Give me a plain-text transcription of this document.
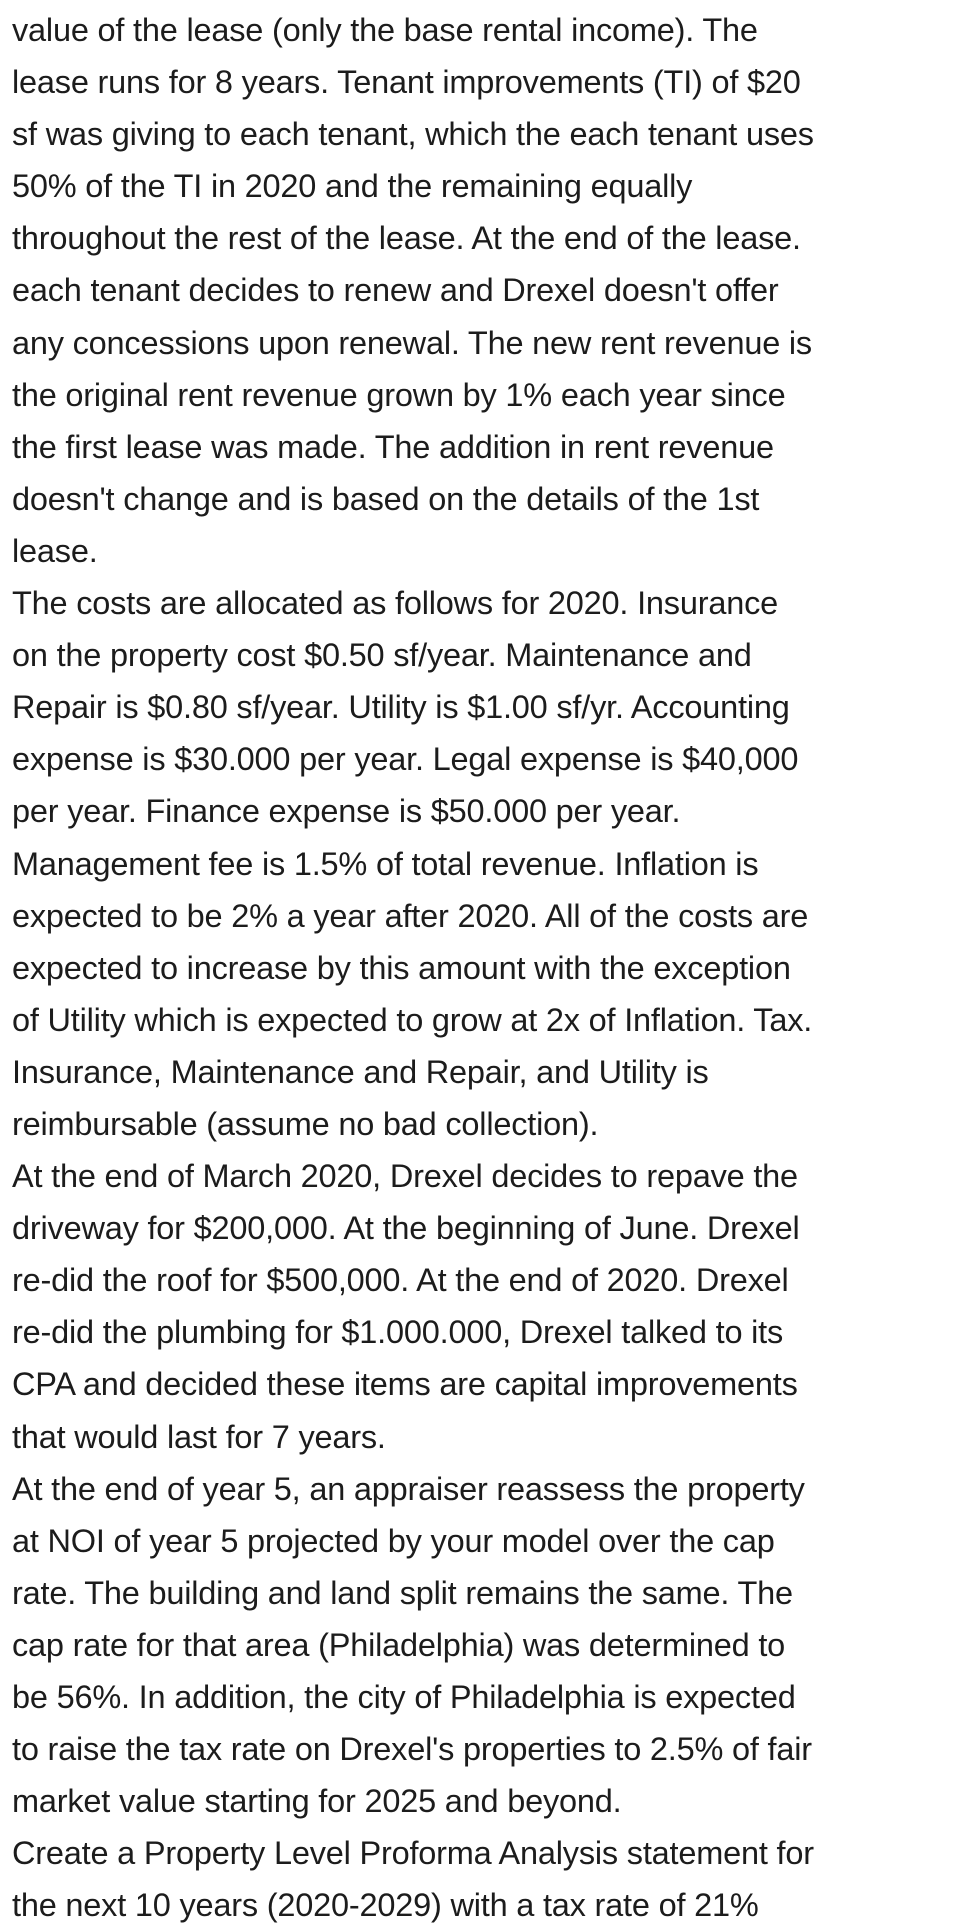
value of the lease (only the base rental income). The
lease runs for 8 years. Tenant improvements (TI) of $20
sf was giving to each tenant, which the each tenant uses
50% of the TI in 2020 and the remaining equally
throughout the rest of the lease. At the end of the lease.
each tenant decides to renew and Drexel doesn't offer
any concessions upon renewal. The new rent revenue is
the original rent revenue grown by 1% each year since
the first lease was made. The addition in rent revenue
doesn't change and is based on the details of the 1st
lease.
The costs are allocated as follows for 2020. Insurance
on the property cost $0.50 sf/year. Maintenance and
Repair is $0.80 sf/year. Utility is $1.00 sf/yr. Accounting
expense is $30.000 per year. Legal expense is $40,000
per year. Finance expense is $50.000 per year.
Management fee is 1.5% of total revenue. Inflation is
expected to be 2% a year after 2020. All of the costs are
expected to increase by this amount with the exception
of Utility which is expected to grow at 2x of Inflation. Tax.
Insurance, Maintenance and Repair, and Utility is
reimbursable (assume no bad collection).
At the end of March 2020, Drexel decides to repave the
driveway for $200,000. At the beginning of June. Drexel
re-did the roof for $500,000. At the end of 2020. Drexel
re-did the plumbing for $1.000.000, Drexel talked to its
CPA and decided these items are capital improvements
that would last for 7 years.
At the end of year 5, an appraiser reassess the property
at NOI of year 5 projected by your model over the cap
rate. The building and land split remains the same. The
cap rate for that area (Philadelphia) was determined to
be 56%. In addition, the city of Philadelphia is expected
to raise the tax rate on Drexel's properties to 2.5% of fair
market value starting for 2025 and beyond.
Create a Property Level Proforma Analysis statement for
the next 10 years (2020-2029) with a tax rate of 21%
